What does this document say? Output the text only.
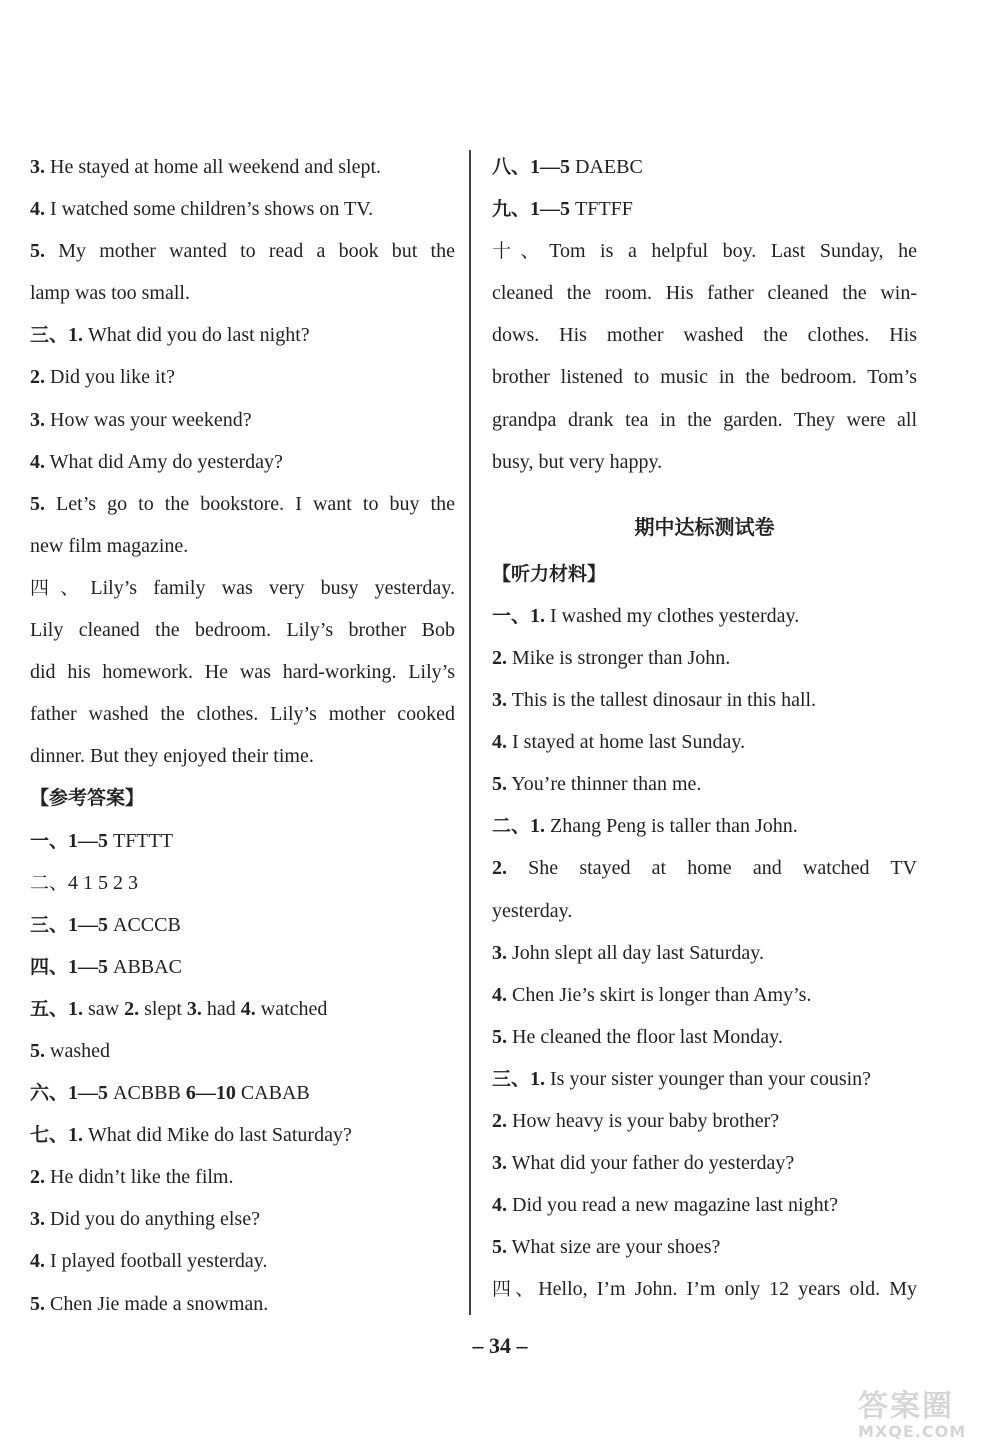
3. He stayed at home all weekend and slept.
4. I watched some children’s shows on TV.
5. My mother wanted to read a book but the
lamp was too small.
三、1. What did you do last night?
2. Did you like it?
3. How was your weekend?
4. What did Amy do yesterday?
5. Let’s go to the bookstore. I want to buy the
new film magazine.
四、Lily’s family was very busy yesterday.
Lily cleaned the bedroom. Lily’s brother Bob
did his homework. He was hard-working. Lily’s
father washed the clothes. Lily’s mother cooked
dinner. But they enjoyed their time.
【参考答案】
一、1—5 TFTTT
二、4 1 5 2 3
三、1—5 ACCCB
四、1—5 ABBAC
五、1. saw 2. slept 3. had 4. watched
5. washed
六、1—5 ACBBB 6—10 CABAB
七、1. What did Mike do last Saturday?
2. He didn’t like the film.
3. Did you do anything else?
4. I played football yesterday.
5. Chen Jie made a snowman.
八、1—5 DAEBC
九、1—5 TFTFF
十、Tom is a helpful boy. Last Sunday, he
cleaned the room. His father cleaned the win-
dows. His mother washed the clothes. His
brother listened to music in the bedroom. Tom’s
grandpa drank tea in the garden. They were all
busy, but very happy.
期中达标测试卷
【听力材料】
一、1. I washed my clothes yesterday.
2. Mike is stronger than John.
3. This is the tallest dinosaur in this hall.
4. I stayed at home last Sunday.
5. You’re thinner than me.
二、1. Zhang Peng is taller than John.
2. She stayed at home and watched TV
yesterday.
3. John slept all day last Saturday.
4. Chen Jie’s skirt is longer than Amy’s.
5. He cleaned the floor last Monday.
三、1. Is your sister younger than your cousin?
2. How heavy is your baby brother?
3. What did your father do yesterday?
4. Did you read a new magazine last night?
5. What size are your shoes?
四、Hello, I’m John. I’m only 12 years old. My
– 34 –
答案圈
MXQE.COM
